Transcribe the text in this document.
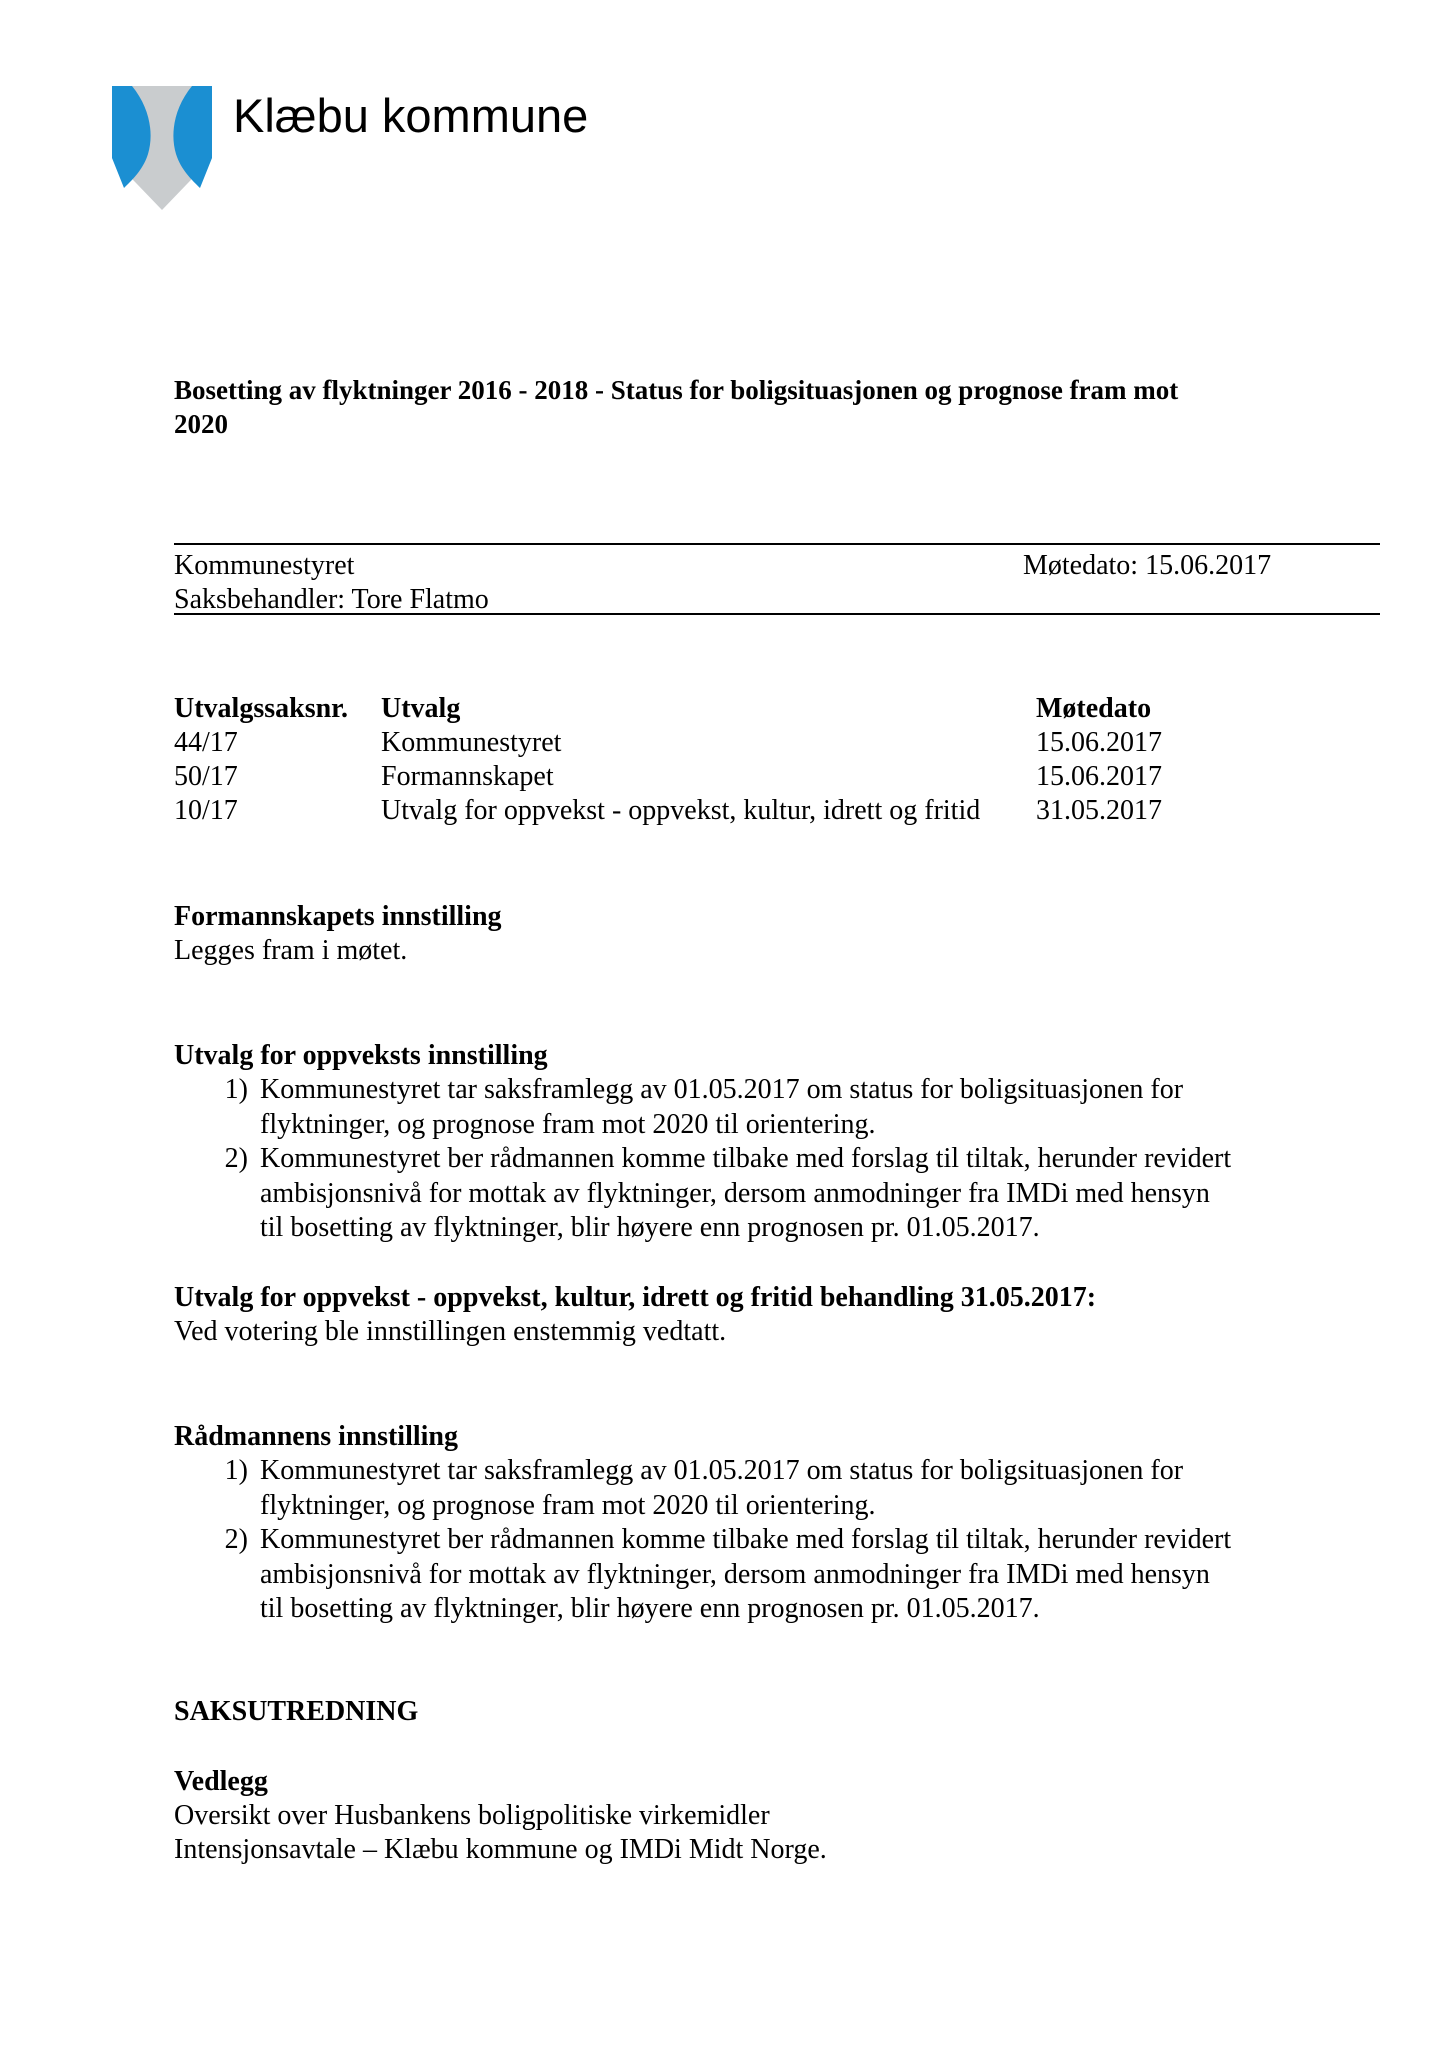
Klæbu kommune
Bosetting av flyktninger 2016 - 2018 - Status for boligsituasjonen og prognose fram mot
2020
Kommunestyret	Møtedato: 15.06.2017
Saksbehandler: Tore Flatmo
Utvalgssaksnr. Utvalg	Møtedato
44/17	Kommunestyret	15.06.2017
50/17	Formannskapet	15.06.2017
10/17	Utvalg for oppvekst - oppvekst, kultur, idrett og fritid 31.05.2017
Formannskapets innstilling
Legges fram i møtet.
Utvalg for oppveksts innstilling
1) Kommunestyret tar saksframlegg av 01.05.2017 om status for boligsituasjonen for
flyktninger, og prognose fram mot 2020 til orientering.
2) Kommunestyret ber rådmannen komme tilbake med forslag til tiltak, herunder revidert
ambisjonsnivå for mottak av flyktninger, dersom anmodninger fra IMDi med hensyn
til bosetting av flyktninger, blir høyere enn prognosen pr. 01.05.2017.
Utvalg for oppvekst - oppvekst, kultur, idrett og fritid behandling 31.05.2017:
Ved votering ble innstillingen enstemmig vedtatt.
Rådmannens innstilling
1) Kommunestyret tar saksframlegg av 01.05.2017 om status for boligsituasjonen for
flyktninger, og prognose fram mot 2020 til orientering.
2) Kommunestyret ber rådmannen komme tilbake med forslag til tiltak, herunder revidert
ambisjonsnivå for mottak av flyktninger, dersom anmodninger fra IMDi med hensyn
til bosetting av flyktninger, blir høyere enn prognosen pr. 01.05.2017.
SAKSUTREDNING
Vedlegg
Oversikt over Husbankens boligpolitiske virkemidler
Intensjonsavtale – Klæbu kommune og IMDi Midt Norge.
